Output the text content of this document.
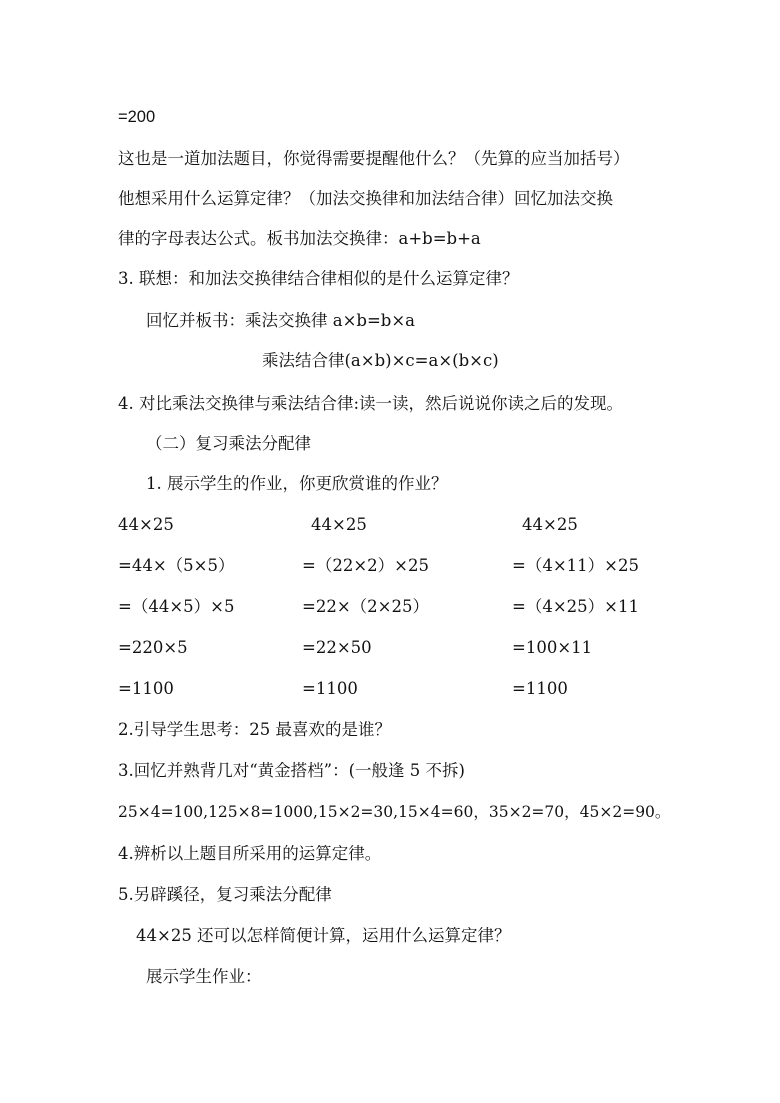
=200
这也是一道加法题目，你觉得需要提醒他什么？（先算的应当加括号）
他想采用什么运算定律？（加法交换律和加法结合律）回忆加法交换
律的字母表达公式。板书加法交换律：a+b=b+a
3. 联想：和加法交换律结合律相似的是什么运算定律？
回忆并板书：乘法交换律 a×b=b×a
乘法结合律(a×b)×c=a×(b×c)
4. 对比乘法交换律与乘法结合律:读一读，然后说说你读之后的发现。
（二）复习乘法分配律
1. 展示学生的作业，你更欣赏谁的作业？
44×25
=44×（5×5）
=（44×5）×5
=220×5
=1100
44×25
=（22×2）×25
=22×（2×25）
=22×50
=1100
44×25
=（4×11）×25
=（4×25）×11
=100×11
=1100
2.引导学生思考：25 最喜欢的是谁？
3.回忆并熟背几对“黄金搭档”：(一般逢 5 不拆)
25×4=100,125×8=1000,15×2=30,15×4=60，35×2=70，45×2=90。
4.辨析以上题目所采用的运算定律。
5.另辟蹊径，复习乘法分配律
44×25 还可以怎样简便计算，运用什么运算定律？
展示学生作业：
